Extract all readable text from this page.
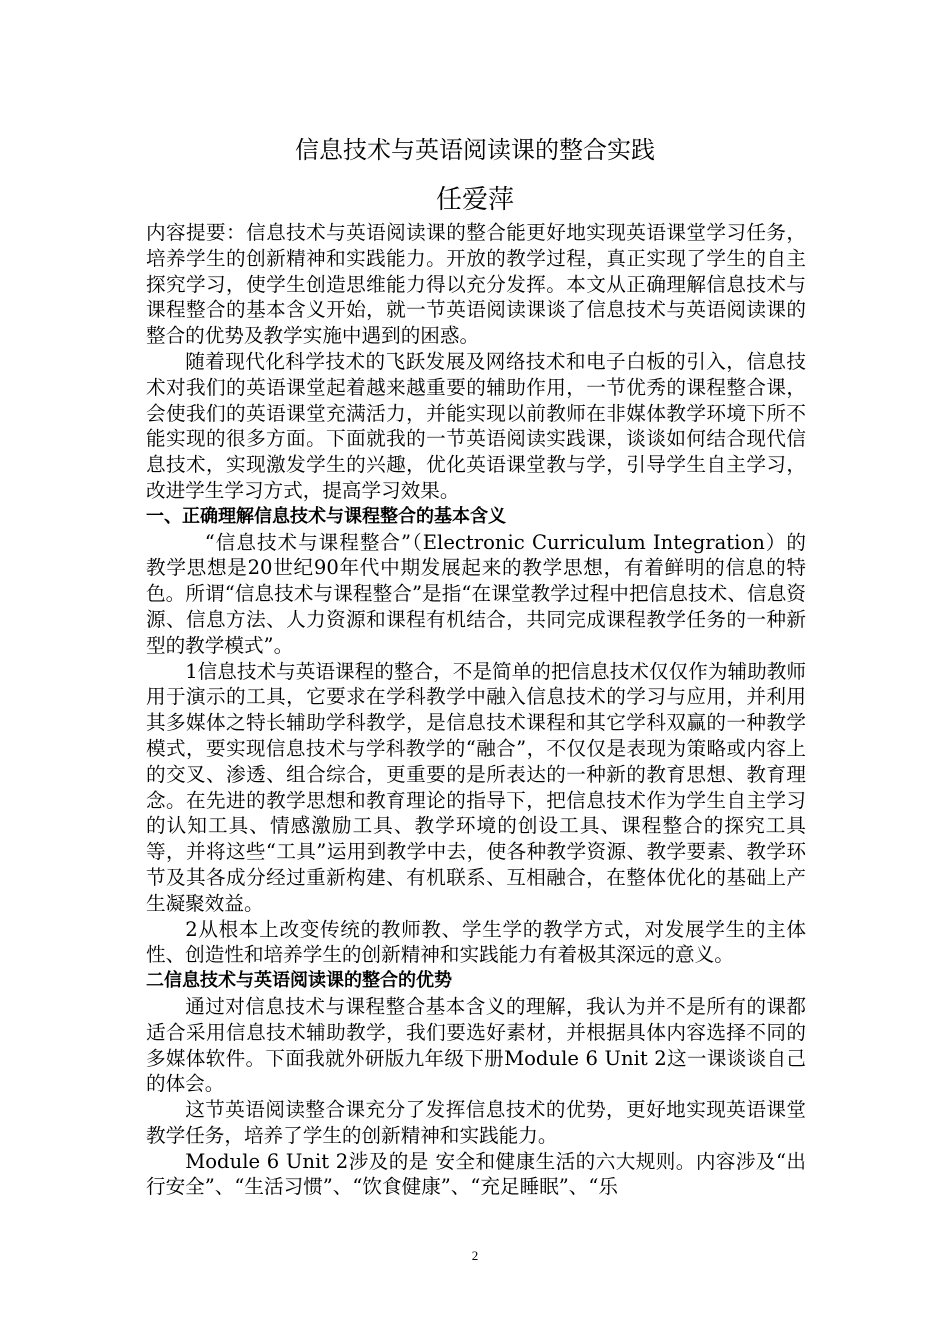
信息技术与英语阅读课的整合实践
任爱萍

内容提要：信息技术与英语阅读课的整合能更好地实现英语课堂学习任务，培养学生的创新精神和实践能力。开放的教学过程，真正实现了学生的自主探究学习，使学生创造思维能力得以充分发挥。本文从正确理解信息技术与课程整合的基本含义开始，就一节英语阅读课谈了信息技术与英语阅读课的整合的优势及教学实施中遇到的困惑。

随着现代化科学技术的飞跃发展及网络技术和电子白板的引入，信息技术对我们的英语课堂起着越来越重要的辅助作用，一节优秀的课程整合课，会使我们的英语课堂充满活力，并能实现以前教师在非媒体教学环境下所不能实现的很多方面。下面就我的一节英语阅读实践课，谈谈如何结合现代信息技术，实现激发学生的兴趣，优化英语课堂教与学，引导学生自主学习，改进学生学习方式，提高学习效果。

一、正确理解信息技术与课程整合的基本含义

“信息技术与课程整合”（Electronic Curriculum Integration）的教学思想是20世纪90年代中期发展起来的教学思想，有着鲜明的信息的特色。所谓“信息技术与课程整合”是指“在课堂教学过程中把信息技术、信息资源、信息方法、人力资源和课程有机结合，共同完成课程教学任务的一种新型的教学模式”。

1信息技术与英语课程的整合，不是简单的把信息技术仅仅作为辅助教师用于演示的工具，它要求在学科教学中融入信息技术的学习与应用，并利用其多媒体之特长辅助学科教学，是信息技术课程和其它学科双赢的一种教学模式，要实现信息技术与学科教学的“融合”，不仅仅是表现为策略或内容上的交叉、渗透、组合综合，更重要的是所表达的一种新的教育思想、教育理念。在先进的教学思想和教育理论的指导下，把信息技术作为学生自主学习的认知工具、情感激励工具、教学环境的创设工具、课程整合的探究工具等，并将这些“工具”运用到教学中去，使各种教学资源、教学要素、教学环节及其各成分经过重新构建、有机联系、互相融合，在整体优化的基础上产生凝聚效益。

2从根本上改变传统的教师教、学生学的教学方式，对发展学生的主体性、创造性和培养学生的创新精神和实践能力有着极其深远的意义。

二信息技术与英语阅读课的整合的优势

通过对信息技术与课程整合基本含义的理解，我认为并不是所有的课都适合采用信息技术辅助教学，我们要选好素材，并根据具体内容选择不同的多媒体软件。下面我就外研版九年级下册Module 6 Unit 2这一课谈谈自己的体会。

这节英语阅读整合课充分了发挥信息技术的优势，更好地实现英语课堂教学任务，培养了学生的创新精神和实践能力。

Module 6 Unit 2涉及的是 安全和健康生活的六大规则。内容涉及“出行安全”、“生活习惯”、“饮食健康”、“充足睡眠”、“乐

2
